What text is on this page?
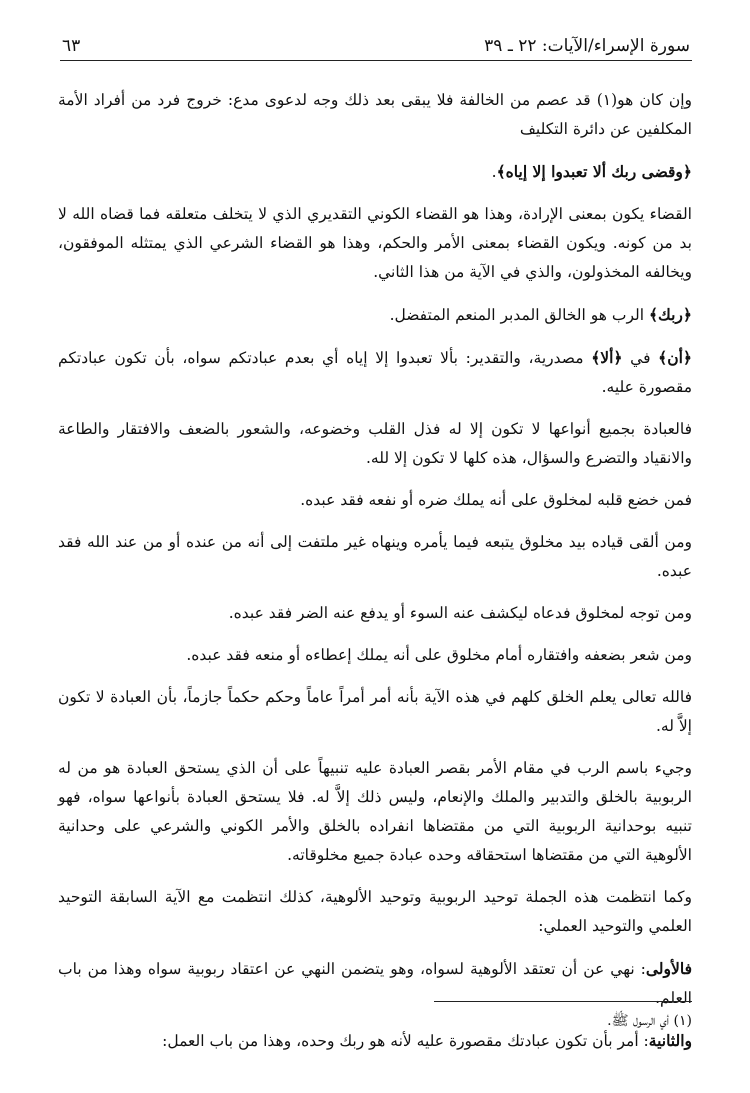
سورة الإسراء/الآيات: ٢٢ ـ ٣٩
٦٣

وإن كان هو(١) قد عصم من الخالفة فلا يبقى بعد ذلك وجه لدعوى مدع: خروج فرد من أفراد الأمة المكلفين عن دائرة التكليف

﴿وقضى ربك ألا تعبدوا إلا إياه﴾.

القضاء يكون بمعنى الإرادة، وهذا هو القضاء الكوني التقديري الذي لا يتخلف متعلقه فما قضاه الله لا بد من كونه. ويكون القضاء بمعنى الأمر والحكم، وهذا هو القضاء الشرعي الذي يمتثله الموفقون، ويخالفه المخذولون، والذي في الآية من هذا الثاني.

﴿ربك﴾ الرب هو الخالق المدبر المنعم المتفضل.

﴿أن﴾ في ﴿ألا﴾ مصدرية، والتقدير: بألا تعبدوا إلا إياه أي بعدم عبادتكم سواه، بأن تكون عبادتكم مقصورة عليه.

فالعبادة بجميع أنواعها لا تكون إلا له فذل القلب وخضوعه، والشعور بالضعف والافتقار والطاعة والانقياد والتضرع والسؤال، هذه كلها لا تكون إلا لله.

فمن خضع قلبه لمخلوق على أنه يملك ضره أو نفعه فقد عبده.

ومن ألقى قياده بيد مخلوق يتبعه فيما يأمره وينهاه غير ملتفت إلى أنه من عنده أو من عند الله فقد عبده.

ومن توجه لمخلوق فدعاه ليكشف عنه السوء أو يدفع عنه الضر فقد عبده.

ومن شعر بضعفه وافتقاره أمام مخلوق على أنه يملك إعطاءه أو منعه فقد عبده.

فالله تعالى يعلم الخلق كلهم في هذه الآية بأنه أمر أمراً عاماً وحكم حكماً جازماً، بأن العبادة لا تكون إلاَّ له.

وجيء باسم الرب في مقام الأمر بقصر العبادة عليه تنبيهاً على أن الذي يستحق العبادة هو من له الربوبية بالخلق والتدبير والملك والإنعام، وليس ذلك إلاَّ له. فلا يستحق العبادة بأنواعها سواه، فهو تنبيه بوحدانية الربوبية التي من مقتضاها انفراده بالخلق والأمر الكوني والشرعي على وحدانية الألوهية التي من مقتضاها استحقاقه وحده عبادة جميع مخلوقاته.

وكما انتظمت هذه الجملة توحيد الربوبية وتوحيد الألوهية، كذلك انتظمت مع الآية السابقة التوحيد العلمي والتوحيد العملي:

فالأولى: نهي عن أن تعتقد الألوهية لسواه، وهو يتضمن النهي عن اعتقاد ربوبية سواه وهذا من باب العلم.

والثانية: أمر بأن تكون عبادتك مقصورة عليه لأنه هو ربك وحده، وهذا من باب العمل:

(١) أي الرسول ﷺ.
